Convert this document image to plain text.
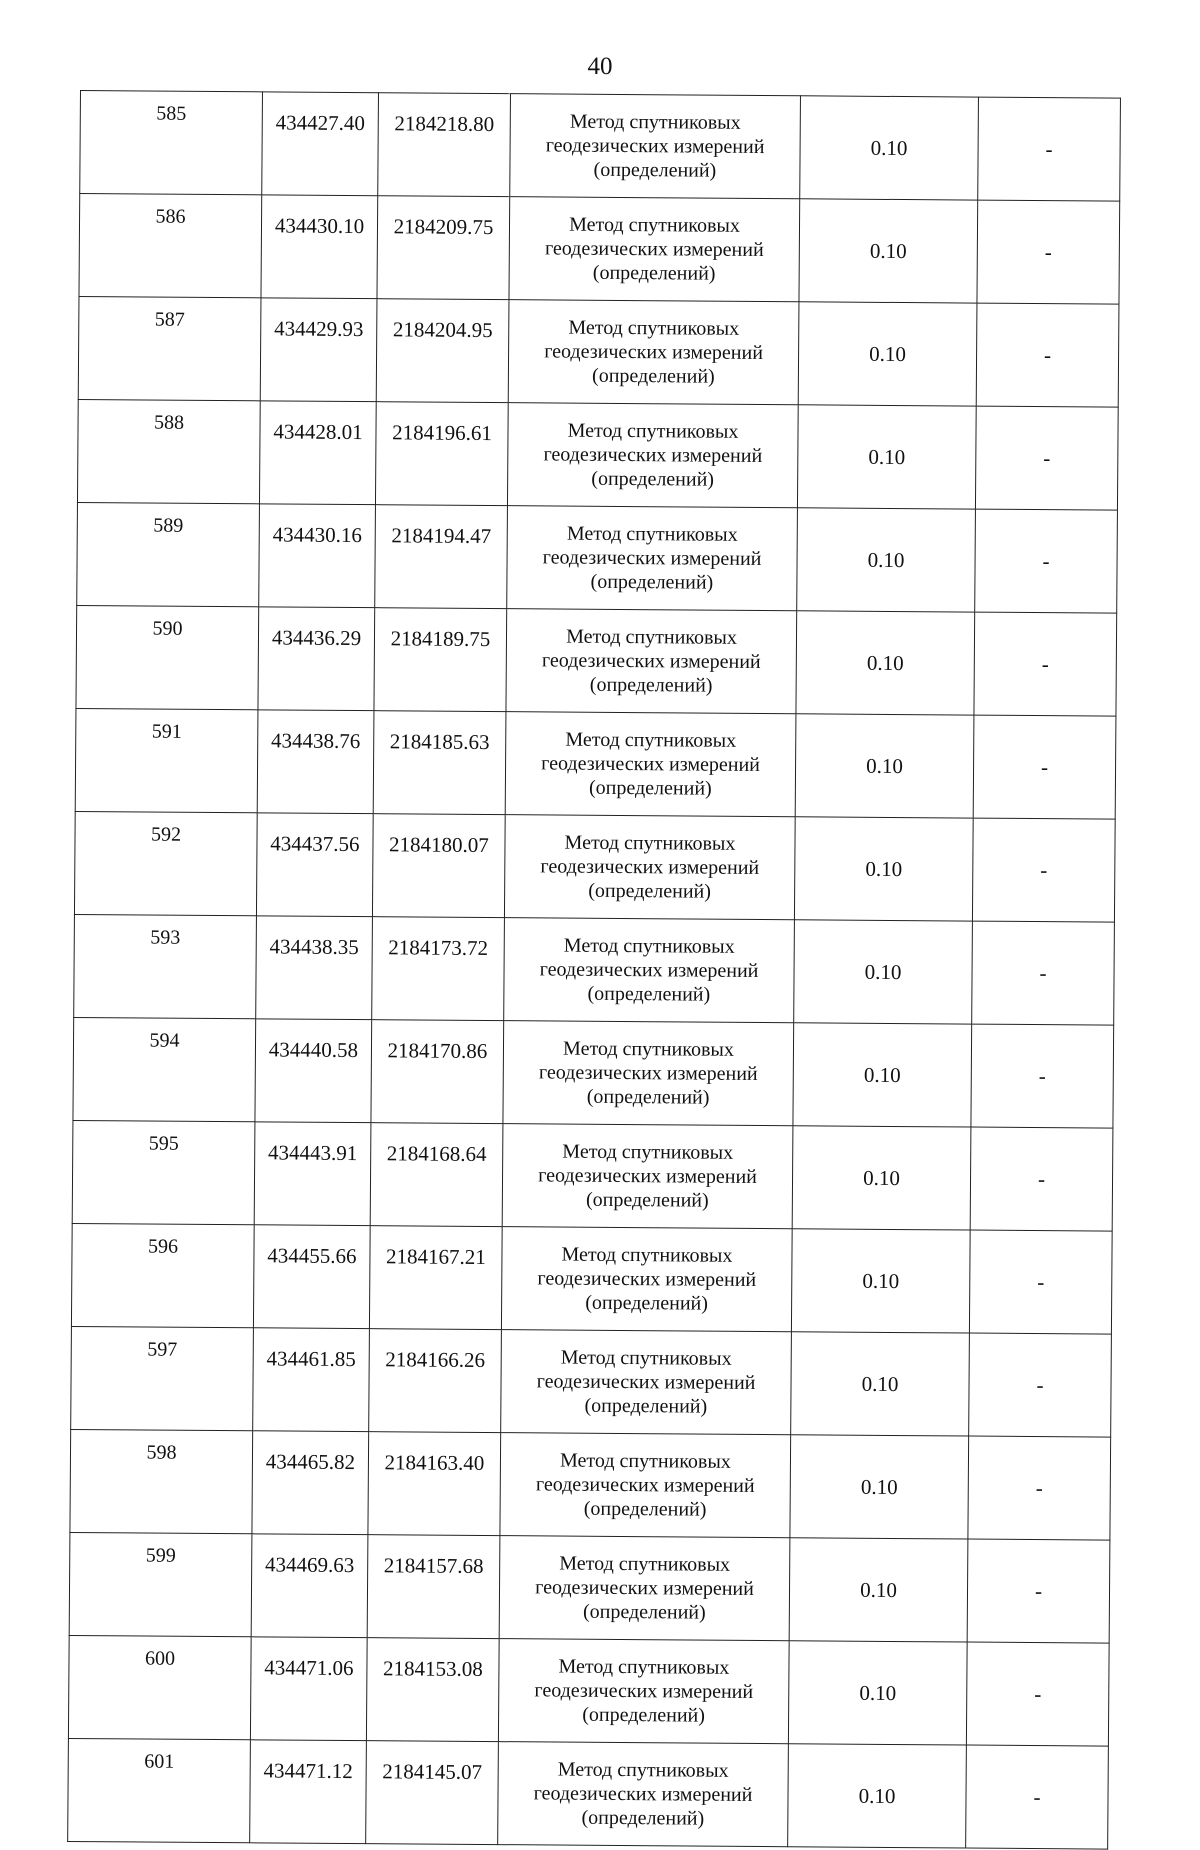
40
585	434427.40	2184218.80	Метод спутниковых геодезических измерений (определений)	0.10	-
586	434430.10	2184209.75	Метод спутниковых геодезических измерений (определений)	0.10	-
587	434429.93	2184204.95	Метод спутниковых геодезических измерений (определений)	0.10	-
588	434428.01	2184196.61	Метод спутниковых геодезических измерений (определений)	0.10	-
589	434430.16	2184194.47	Метод спутниковых геодезических измерений (определений)	0.10	-
590	434436.29	2184189.75	Метод спутниковых геодезических измерений (определений)	0.10	-
591	434438.76	2184185.63	Метод спутниковых геодезических измерений (определений)	0.10	-
592	434437.56	2184180.07	Метод спутниковых геодезических измерений (определений)	0.10	-
593	434438.35	2184173.72	Метод спутниковых геодезических измерений (определений)	0.10	-
594	434440.58	2184170.86	Метод спутниковых геодезических измерений (определений)	0.10	-
595	434443.91	2184168.64	Метод спутниковых геодезических измерений (определений)	0.10	-
596	434455.66	2184167.21	Метод спутниковых геодезических измерений (определений)	0.10	-
597	434461.85	2184166.26	Метод спутниковых геодезических измерений (определений)	0.10	-
598	434465.82	2184163.40	Метод спутниковых геодезических измерений (определений)	0.10	-
599	434469.63	2184157.68	Метод спутниковых геодезических измерений (определений)	0.10	-
600	434471.06	2184153.08	Метод спутниковых геодезических измерений (определений)	0.10	-
601	434471.12	2184145.07	Метод спутниковых геодезических измерений (определений)	0.10	-
